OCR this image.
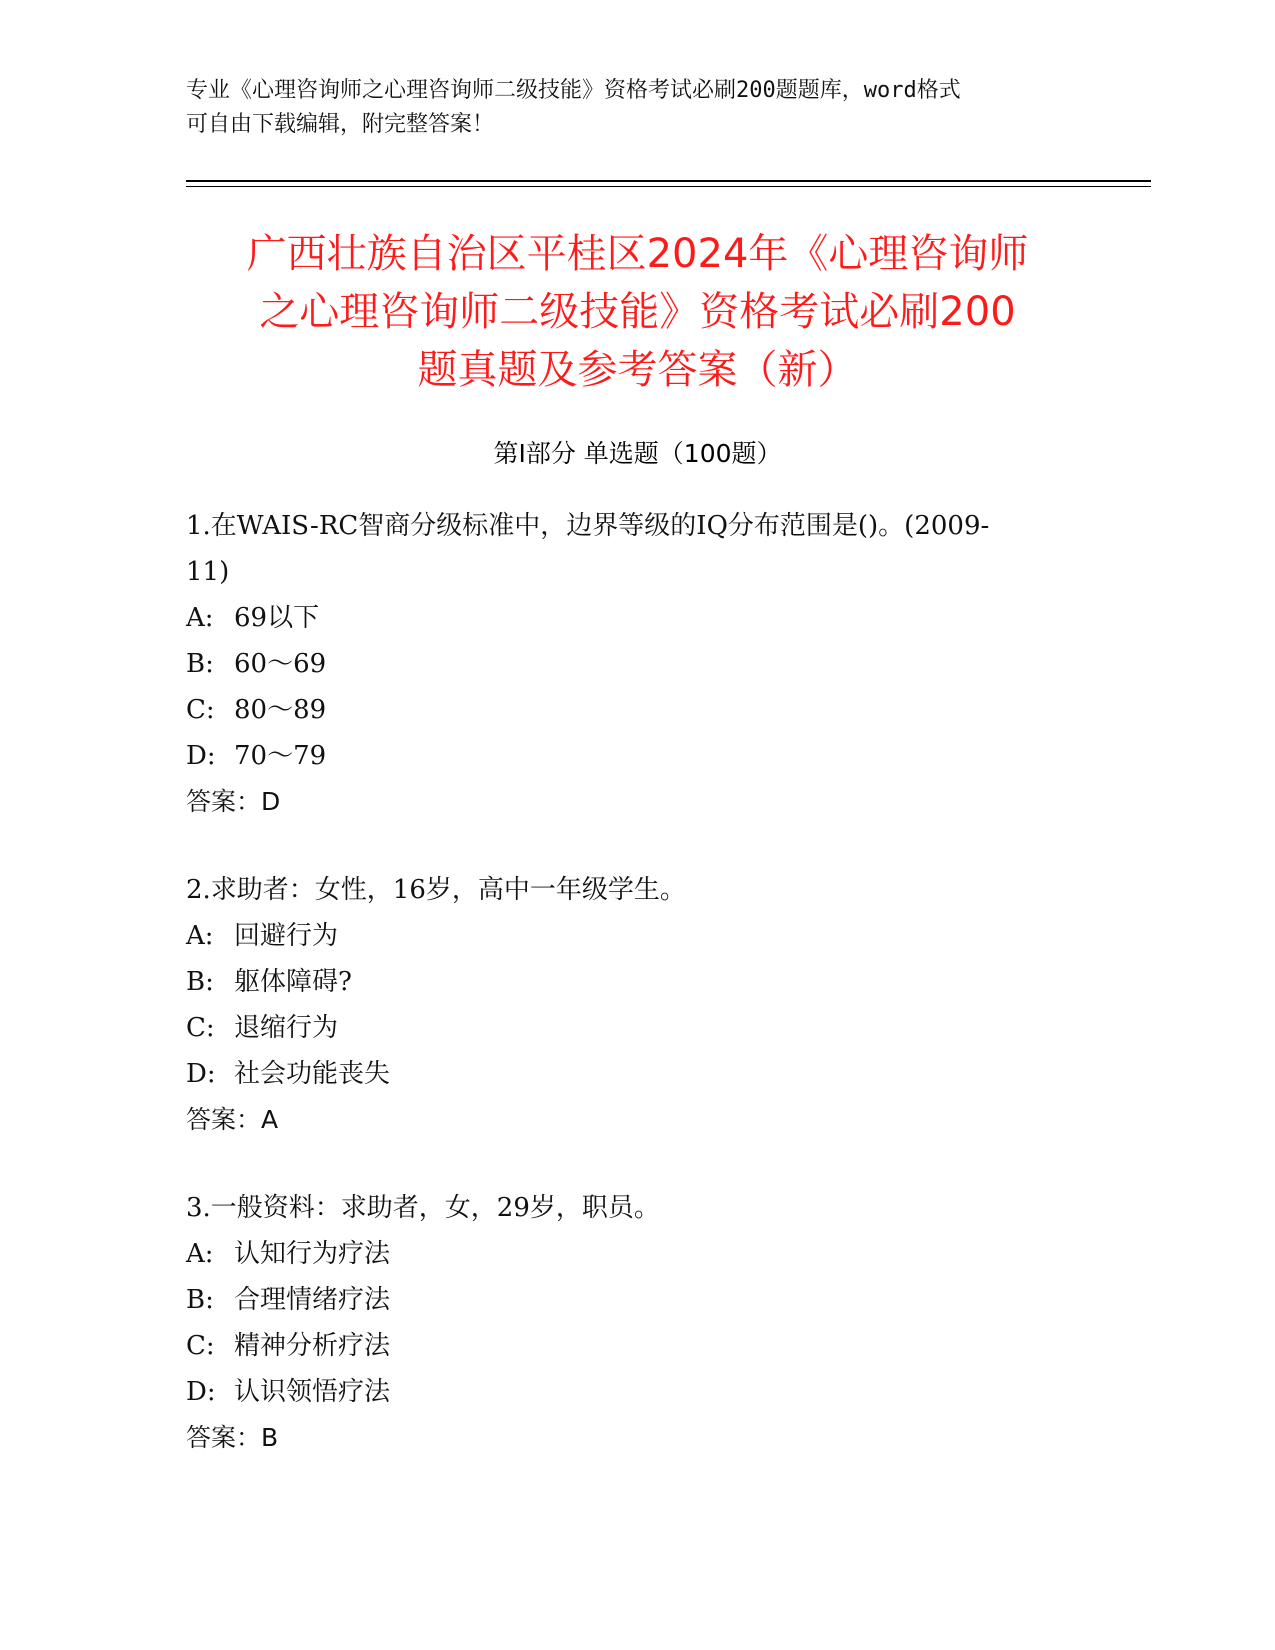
专业《心理咨询师之心理咨询师二级技能》资格考试必刷200题题库，word格式
可自由下载编辑，附完整答案！
广西壮族自治区平桂区2024年《心理咨询师
之心理咨询师二级技能》资格考试必刷200
题真题及参考答案（新）
第Ⅰ部分 单选题（100题）
1.在WAIS-RC智商分级标准中，边界等级的IQ分布范围是()。(2009-
11)
A: 69以下
B: 60～69
C: 80～89
D: 70～79
答案：D
2.求助者：女性，16岁，高中一年级学生。
A: 回避行为
B: 躯体障碍?
C: 退缩行为
D: 社会功能丧失
答案：A
3.一般资料：求助者，女，29岁，职员。
A: 认知行为疗法
B: 合理情绪疗法
C: 精神分析疗法
D: 认识领悟疗法
答案：B
